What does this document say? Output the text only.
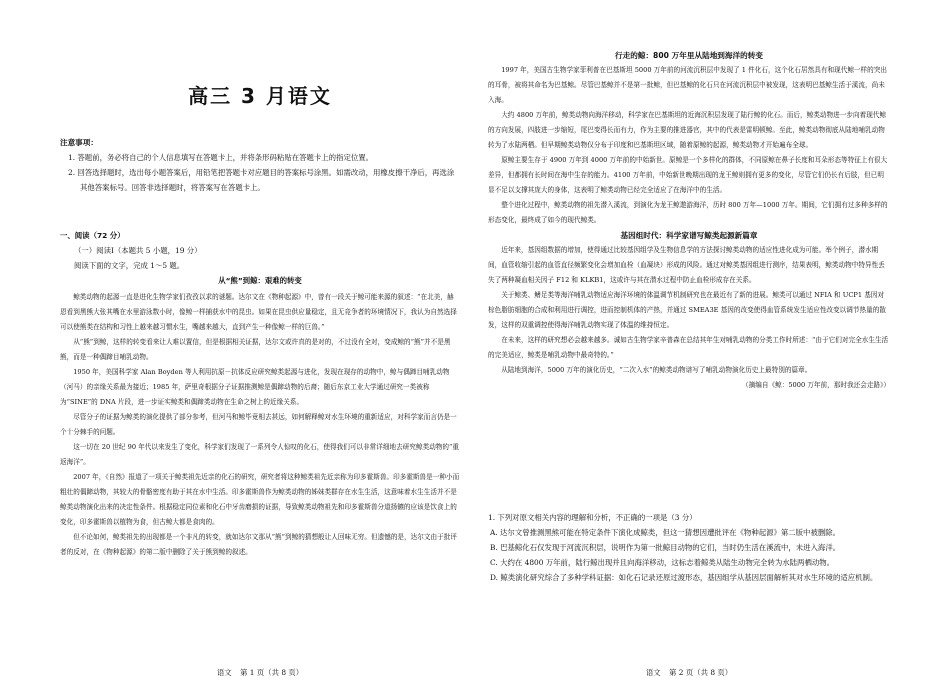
高三 3 月语文

注意事项：

1. 答题前，务必将自己的个人信息填写在答题卡上，并将条形码粘贴在答题卡上的指定位置。

2. 回答选择题时，选出每小题答案后，用铅笔把答题卡对应题目的答案标号涂黑。如需改动，用橡皮擦干净后，再选涂其他答案标号。回答非选择题时，将答案写在答题卡上。

一、阅读（72 分）

（一）阅读Ⅰ（本题共 5 小题，19 分）

阅读下面的文字，完成 1～5 题。

从“熊”到鲸：艰难的转变

鲸类动物的起源一直是进化生物学家们孜孜以求的谜题。达尔文在《物种起源》中，曾有一段关于鲸可能来源的叙述：“在北美，赫恩看到黑熊大张其嘴在水里游泳数小时，像鲸一样捕获水中的昆虫。如果在昆虫供应量稳定，且无竞争者的环境情况下，我认为自然选择可以使熊类在结构和习性上越来越习惯水生，嘴越来越大，直到产生一种像鲸一样的巨兽。”

从“熊”到鲸，这样的转变看来让人难以置信，但是根据相关证据，达尔文或许真的是对的，不过没有全对，变成鲸的“熊”并不是黑熊，而是一种偶蹄目哺乳动物。

1950 年，美国科学家 Alan Boyden 等人利用抗原－抗体反应研究鲸类起源与进化，发现在现存的动物中，鲸与偶蹄目哺乳动物（河马）的亲缘关系最为接近；1985 年，萨里奇根据分子证据推测鲸是偶蹄动物的后裔；随后东京工业大学通过研究一类被称为“SINE”的 DNA 片段，进一步证实鲸类和偶蹄类动物在生命之树上的近缘关系。

尽管分子的证据为鲸类的演化提供了部分参考，但河马和鲸毕竟相去甚远，如何解释鲸对水生环境的重新适应，对科学家而言仍是一个十分棘手的问题。

这一切在 20 世纪 90 年代以来发生了变化，科学家们发现了一系列令人惊叹的化石，使得我们可以非常详细地去研究鲸类动物的“重返海洋”。

2007 年，《自然》报道了一项关于鲸类祖先近亲的化石的研究，研究者将这种鲸类祖先近亲称为印多霍斯兽。印多霍斯兽是一种小而粗壮的偶蹄动物，其较大的骨骼密度有助于其在水中生活。印多霍斯兽作为鲸类动物的姊妹类群存在水生生活，这意味着水生生活并不是鲸类动物演化出来的决定性条件。根据稳定同位素和化石中牙齿磨损的证据，导致鲸类动物祖先和印多霍斯兽分道扬镳的应该是饮食上的变化，印多霍斯兽以植物为食，但古鲸大都是食肉的。

但不论如何，鲸类祖先的出现都是一个非凡的转变，就如达尔文那从“熊”到鲸的猜想般让人回味无穷。但遗憾的是，达尔文由于批评者的反对，在《物种起源》的第二版中删除了关于熊到鲸的叙述。

语文 第 1 页（共 8 页）

行走的鲸：800 万年里从陆地到海洋的转变

1997 年，美国古生物学家菲利普在巴基斯坦 5000 万年前的河流沉积层中发现了 1 件化石，这个化石居然具有和现代鲸一样的突出的耳骨，被将其命名为巴基鲸。尽管巴基鲸并不是第一批鲸，但巴基鲸的化石只在河流沉积层中被发现，这表明巴基鲸生活于溪流，尚未入海。

大约 4800 万年前，鲸类动物向海洋移动，科学家在巴基斯坦的近海沉积层发现了陆行鲸的化石。而后，鲸类动物进一步向着现代鲸的方向发展，四肢进一步缩短，尾巴变得长而有力，作为主要的推进器官，其中的代表是雷明顿鲸。至此，鲸类动物彻底从陆地哺乳动物转为了水陆两栖。但早期鲸类动物仅分布于印度和巴基斯坦区域，随着原鲸的起源，鲸类动物才开始遍布全球。

原鲸主要生存于 4900 万年到 4000 万年前的中始新世。原鲸是一个多样化的群体，不同原鲸在鼻子长度和耳朵形态等特征上有很大差异，但都拥有长时间在海中生存的能力。4100 万年前，中始新世晚期出现的龙王鲸则拥有更多的变化，尽管它们仍长有后肢，但已明显不足以支撑其庞大的身体，这表明了鲸类动物已经完全适应了在海洋中的生活。

整个进化过程中，鲸类动物的祖先潜入溪流，到演化为龙王鲸遨游海洋，历时 800 万年—1000 万年。期间，它们拥有过多种多样的形态变化，最终成了如今的现代鲸类。

基因组时代：科学家谱写鲸类起源新篇章

近年来，基因组数据的增加，使得通过比较基因组学及生物信息学的方法探讨鲸类动物的适应性进化成为可能。举个例子，潜水期间，血管收缩引起的血管直径频繁变化会增加血栓（血凝块）形成的风险。通过对鲸类基因组进行测序，结果表明，鲸类动物中特异性丢失了两种凝血相关因子 F12 和 KLKB1，这或许与其在潜水过程中防止血栓形成存在关系。

关于鲸类、鳍足类等海洋哺乳动物适应海洋环境的体温调节机制研究也在最近有了新的进展。鲸类可以通过 NFIA 和 UCP1 基因对棕色脂肪细胞的合成和利用进行调控，进而控制机体的产热，并通过 SMEA3E 基因的改变使得血管系统发生适应性改变以调节热量的散发，这样的双重调控使得海洋哺乳动物实现了体温的维持恒定。

在未来，这样的研究想必会越来越多。诚如古生物学家辛普森在总结其年生对哺乳动物的分类工作时所述：“由于它们对完全水生生活的完美适应，鲸类是哺乳动物中最奇特的。”

从陆地到海洋，5000 万年的演化历史，“二次入水”的鲸类动物谱写了哺乳动物演化历史上最特别的篇章。

（摘编自《鲸：5000 万年前，那时我还会走路》）

1. 下列对原文相关内容的理解和分析，不正确的一项是（3 分）

A. 达尔文曾推测黑熊可能在特定条件下演化成鲸类，但这一猜想因遭批评在《物种起源》第二版中被删除。

B. 巴基鲸化石仅发现于河流沉积层，说明作为第一批鲸目动物的它们，当时仍生活在溪流中，未进入海洋。

C. 大约在 4800 万年前，陆行鲸出现并且向海洋移动，这标志着鲸类从陆生动物完全转为水陆两栖动物。

D. 鲸类演化研究综合了多种学科证据：如化石记录还原过渡形态，基因组学从基因层面解析其对水生环境的适应机制。

语文 第 2 页（共 8 页）
